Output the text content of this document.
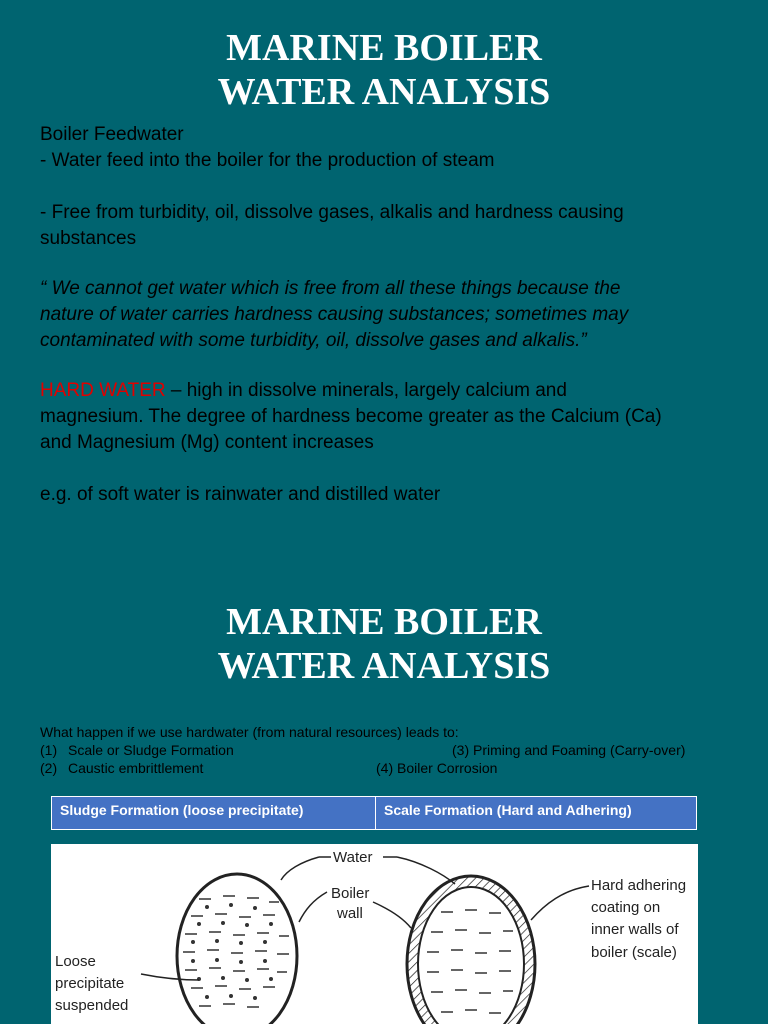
MARINE BOILER
WATER ANALYSIS
Boiler Feedwater
- Water feed into the boiler for the production of steam
- Free from turbidity, oil, dissolve gases, alkalis and hardness causing
substances
“ We cannot get water which is free from all these things because the
nature of water carries hardness causing substances; sometimes may
contaminated with some turbidity, oil, dissolve gases and alkalis.”
HARD WATER – high in dissolve minerals, largely calcium and
magnesium. The degree of hardness become greater as the Calcium (Ca)
and Magnesium (Mg) content increases
e.g. of soft water is rainwater and distilled water
MARINE BOILER
WATER ANALYSIS
What happen if we use hardwater (from natural resources) leads to:
(1) Scale or Sludge Formation
(2) Caustic embrittlement
(3) Priming and Foaming (Carry-over)
(4) Boiler Corrosion
Sludge Formation (loose precipitate)	Scale Formation (Hard and Adhering)
Water
Boiler
wall
Loose
precipitate
suspended
Hard adhering
coating on
inner walls of
boiler (scale)
